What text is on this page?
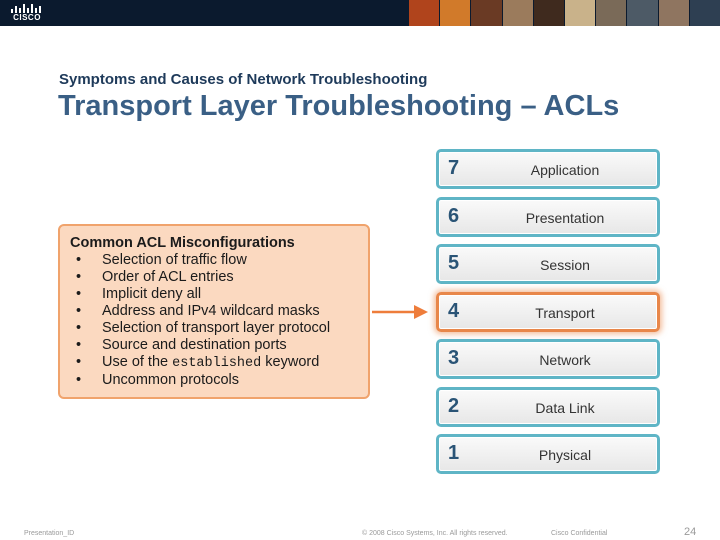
CISCO
Symptoms and Causes of Network Troubleshooting
Transport Layer Troubleshooting – ACLs
Common ACL Misconfigurations
• Selection of traffic flow
• Order of ACL entries
• Implicit deny all
• Address and IPv4 wildcard masks
• Selection of transport layer protocol
• Source and destination ports
• Use of the established keyword
• Uncommon protocols
7	Application
6	Presentation
5	Session
4	Transport
3	Network
2	Data Link
1	Physical
Presentation_ID	© 2008 Cisco Systems, Inc. All rights reserved.	Cisco Confidential	24
